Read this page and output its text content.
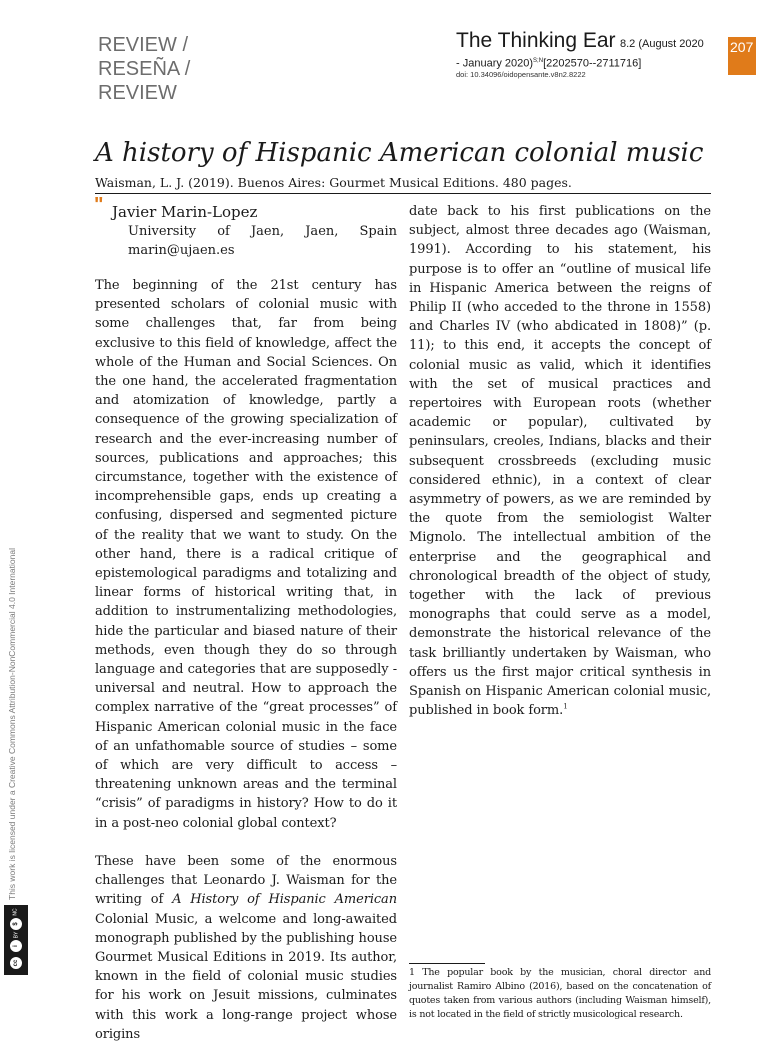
REVIEW /
RESEÑA /
REVIEW
The Thinking Ear 8.2 (August 2020
- January 2020)$^{S;N}$[2202570--2711716]
doi: 10.34096/oidopensante.v8n2.8222
207
A history of Hispanic American colonial music
Waisman, L. J. (2019). Buenos Aires: Gourmet Musical Editions. 480 pages.
" Javier Marin-Lopez
University of Jaen, Jaen, Spain
marin@ujaen.es

The beginning of the 21st century has presented scholars of colonial music with some challenges that, far from being exclusive to this field of knowledge, affect the whole of the Human and Social Sciences. On the one hand, the accelerated fragmentation and atomization of knowledge, partly a consequence of the growing specialization of research and the ever-increasing number of sources, publications and approaches; this circumstance, together with the existence of incomprehensible gaps, ends up creating a confusing, dispersed and segmented picture of the reality that we want to study. On the other hand, there is a radical critique of epistemological paradigms and totalizing and linear forms of historical writing that, in addition to instrumentalizing methodologies, hide the particular and biased nature of their methods, even though they do so through language and categories that are supposedly - universal and neutral. How to approach the complex narrative of the “great processes” of Hispanic American colonial music in the face of an unfathomable source of studies – some of which are very difficult to access – threatening unknown areas and the terminal “crisis” of paradigms in history? How to do it in a post-neo colonial global context?

These have been some of the enormous challenges that Leonardo J. Waisman for the writing of A History of Hispanic American Colonial Music, a welcome and long-awaited monograph published by the publishing house Gourmet Musical Editions in 2019. Its author, known in the field of colonial music studies for his work on Jesuit missions, culminates with this work a long-range project whose origins

date back to his first publications on the subject, almost three decades ago (Waisman, 1991). According to his statement, his purpose is to offer an “outline of musical life in Hispanic America between the reigns of Philip II (who acceded to the throne in 1558) and Charles IV (who abdicated in 1808)” (p. 11); to this end, it accepts the concept of colonial music as valid, which it identifies with the set of musical practices and repertoires with European roots (whether academic or popular), cultivated by peninsulars, creoles, Indians, blacks and their subsequent crossbreeds (excluding music considered ethnic), in a context of clear asymmetry of powers, as we are reminded by the quote from the semiologist Walter Mignolo. The intellectual ambition of the enterprise and the geographical and chronological breadth of the object of study, together with the lack of previous monographs that could serve as a model, demonstrate the historical relevance of the task brilliantly undertaken by Waisman, who offers us the first major critical synthesis in Spanish on Hispanic American colonial music, published in book form.$^1$

1 The popular book by the musician, choral director and journalist Ramiro Albino (2016), based on the concatenation of quotes taken from various authors (including Waisman himself), is not located in the field of strictly musicological research.
This work is licensed under a Creative Commons Attribution-NonCommercial 4.0 International
NC
$
BY
i
cc
